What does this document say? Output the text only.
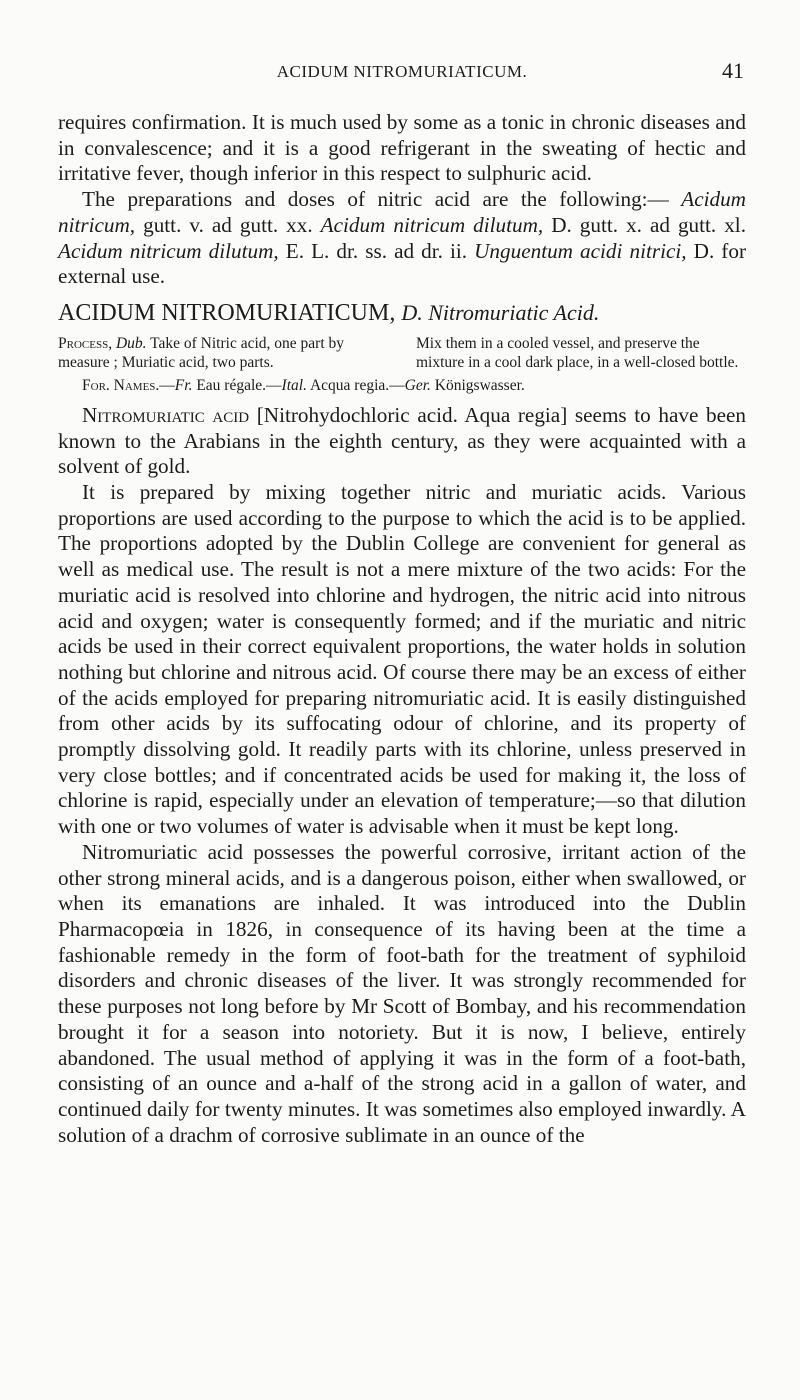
ACIDUM NITROMURIATICUM.	41

requires confirmation. It is much used by some as a tonic in chronic diseases and in convalescence; and it is a good refrigerant in the sweating of hectic and irritative fever, though inferior in this respect to sulphuric acid.

The preparations and doses of nitric acid are the following:— Acidum nitricum, gutt. v. ad gutt. xx. Acidum nitricum dilutum, D. gutt. x. ad gutt. xl. Acidum nitricum dilutum, E. L. dr. ss. ad dr. ii. Unguentum acidi nitrici, D. for external use.

ACIDUM NITROMURIATICUM, D. Nitromuriatic Acid.
Process, Dub. Take of Nitric acid, one part by measure ; Muriatic acid, two parts.
Mix them in a cooled vessel, and preserve the mixture in a cool dark place, in a well-closed bottle.
For. Names.—Fr. Eau régale.—Ital. Acqua regia.—Ger. Königswasser.

Nitromuriatic acid [Nitrohydochloric acid. Aqua regia] seems to have been known to the Arabians in the eighth century, as they were acquainted with a solvent of gold.

It is prepared by mixing together nitric and muriatic acids. Various proportions are used according to the purpose to which the acid is to be applied. The proportions adopted by the Dublin College are convenient for general as well as medical use. The result is not a mere mixture of the two acids: For the muriatic acid is resolved into chlorine and hydrogen, the nitric acid into nitrous acid and oxygen; water is consequently formed; and if the muriatic and nitric acids be used in their correct equivalent proportions, the water holds in solution nothing but chlorine and nitrous acid. Of course there may be an excess of either of the acids employed for preparing nitromuriatic acid. It is easily distinguished from other acids by its suffocating odour of chlorine, and its property of promptly dissolving gold. It readily parts with its chlorine, unless preserved in very close bottles; and if concentrated acids be used for making it, the loss of chlorine is rapid, especially under an elevation of temperature;—so that dilution with one or two volumes of water is advisable when it must be kept long.

Nitromuriatic acid possesses the powerful corrosive, irritant action of the other strong mineral acids, and is a dangerous poison, either when swallowed, or when its emanations are inhaled. It was introduced into the Dublin Pharmacopœia in 1826, in consequence of its having been at the time a fashionable remedy in the form of foot-bath for the treatment of syphiloid disorders and chronic diseases of the liver. It was strongly recommended for these purposes not long before by Mr Scott of Bombay, and his recommendation brought it for a season into notoriety. But it is now, I believe, entirely abandoned. The usual method of applying it was in the form of a foot-bath, consisting of an ounce and a-half of the strong acid in a gallon of water, and continued daily for twenty minutes. It was sometimes also employed inwardly. A solution of a drachm of corrosive sublimate in an ounce of the
